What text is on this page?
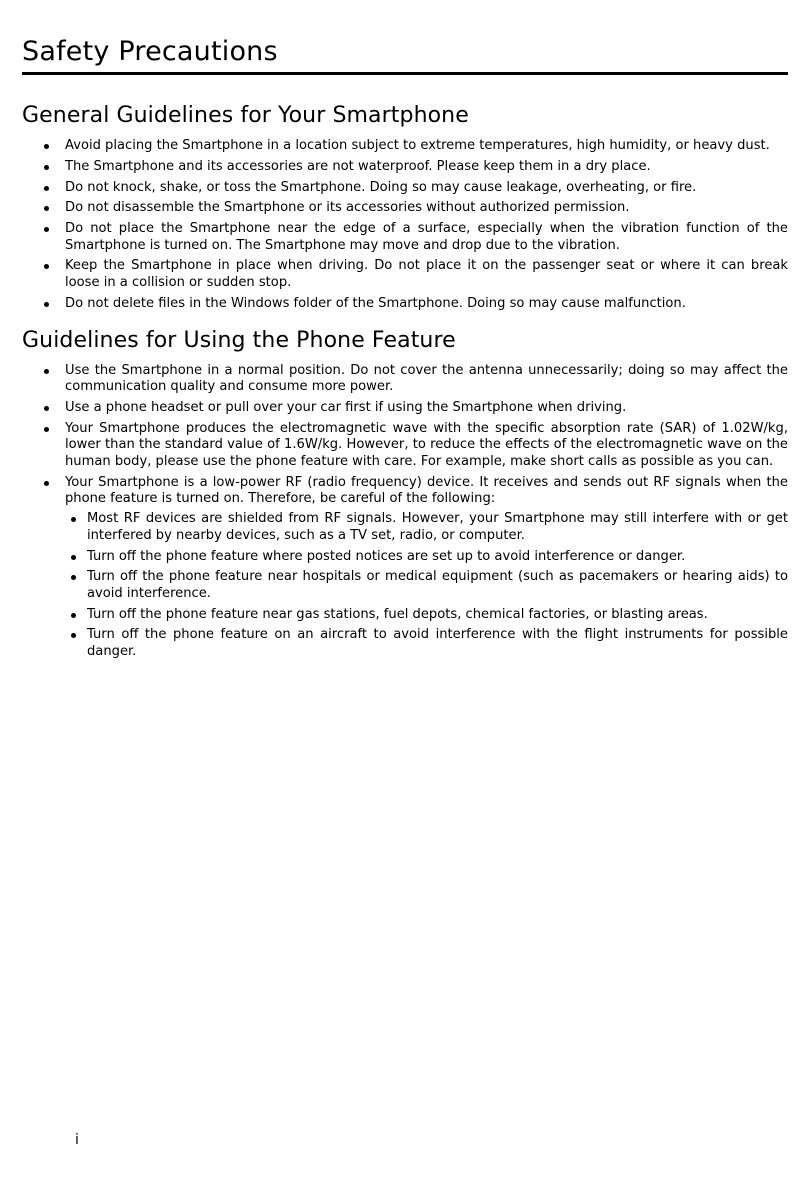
Safety Precautions
General Guidelines for Your Smartphone
Avoid placing the Smartphone in a location subject to extreme temperatures, high humidity, or heavy dust.
The Smartphone and its accessories are not waterproof. Please keep them in a dry place.
Do not knock, shake, or toss the Smartphone. Doing so may cause leakage, overheating, or fire.
Do not disassemble the Smartphone or its accessories without authorized permission.
Do not place the Smartphone near the edge of a surface, especially when the vibration function of the Smartphone is turned on. The Smartphone may move and drop due to the vibration.
Keep the Smartphone in place when driving. Do not place it on the passenger seat or where it can break loose in a collision or sudden stop.
Do not delete files in the Windows folder of the Smartphone. Doing so may cause malfunction.
Guidelines for Using the Phone Feature
Use the Smartphone in a normal position. Do not cover the antenna unnecessarily; doing so may affect the communication quality and consume more power.
Use a phone headset or pull over your car first if using the Smartphone when driving.
Your Smartphone produces the electromagnetic wave with the specific absorption rate (SAR) of 1.02W/kg, lower than the standard value of 1.6W/kg. However, to reduce the effects of the electromagnetic wave on the human body, please use the phone feature with care. For example, make short calls as possible as you can.
Your Smartphone is a low-power RF (radio frequency) device. It receives and sends out RF signals when the phone feature is turned on. Therefore, be careful of the following:
Most RF devices are shielded from RF signals. However, your Smartphone may still interfere with or get interfered by nearby devices, such as a TV set, radio, or computer.
Turn off the phone feature where posted notices are set up to avoid interference or danger.
Turn off the phone feature near hospitals or medical equipment (such as pacemakers or hearing aids) to avoid interference.
Turn off the phone feature near gas stations, fuel depots, chemical factories, or blasting areas.
Turn off the phone feature on an aircraft to avoid interference with the flight instruments for possible danger.
i
